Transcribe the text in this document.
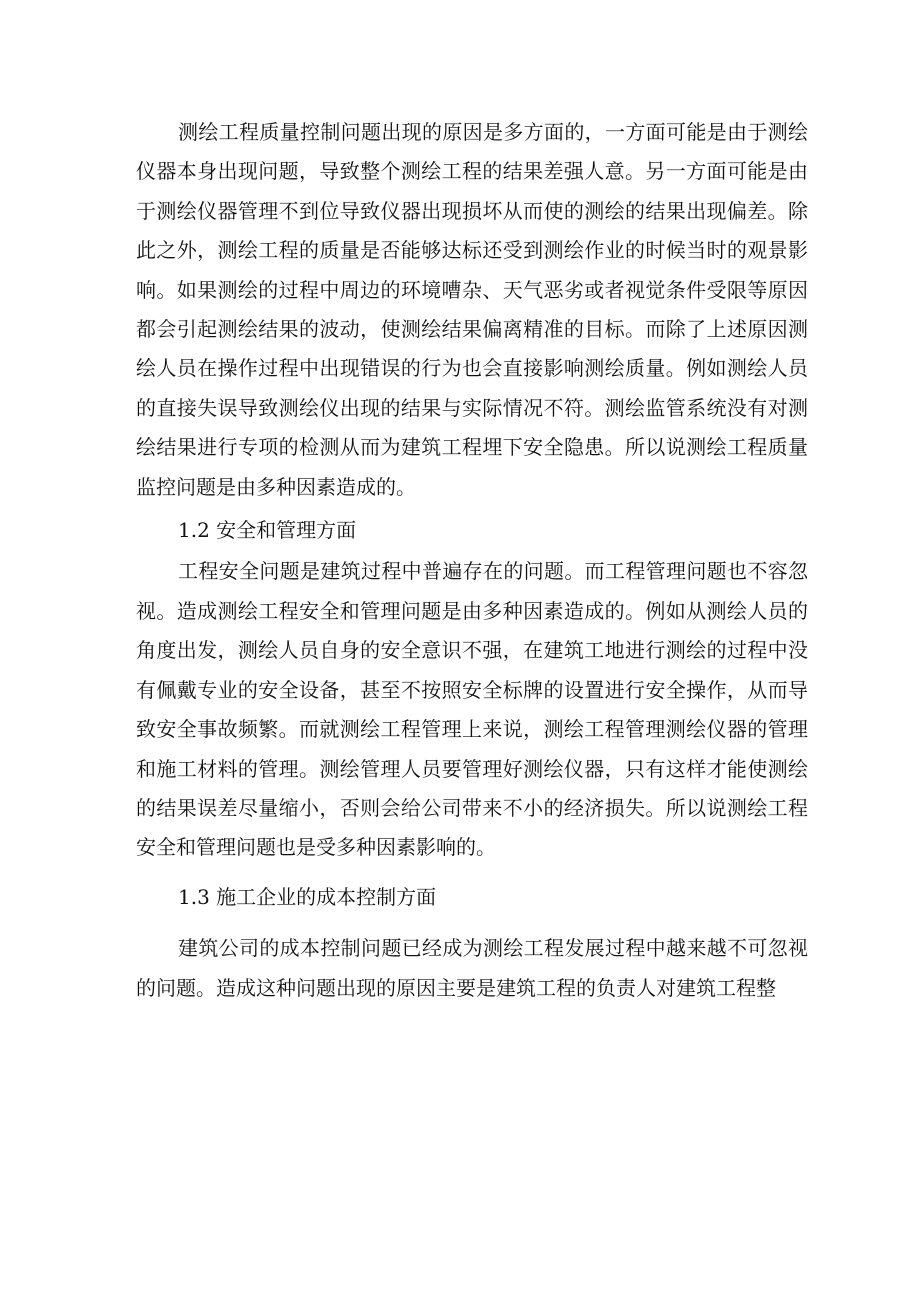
测绘工程质量控制问题出现的原因是多方面的，一方面可能是由于测绘仪器本身出现问题，导致整个测绘工程的结果差强人意。另一方面可能是由于测绘仪器管理不到位导致仪器出现损坏从而使的测绘的结果出现偏差。除此之外，测绘工程的质量是否能够达标还受到测绘作业的时候当时的观景影响。如果测绘的过程中周边的环境嘈杂、天气恶劣或者视觉条件受限等原因都会引起测绘结果的波动，使测绘结果偏离精准的目标。而除了上述原因测绘人员在操作过程中出现错误的行为也会直接影响测绘质量。例如测绘人员的直接失误导致测绘仪出现的结果与实际情况不符。测绘监管系统没有对测绘结果进行专项的检测从而为建筑工程埋下安全隐患。所以说测绘工程质量监控问题是由多种因素造成的。

1.2 安全和管理方面

工程安全问题是建筑过程中普遍存在的问题。而工程管理问题也不容忽视。造成测绘工程安全和管理问题是由多种因素造成的。例如从测绘人员的角度出发，测绘人员自身的安全意识不强，在建筑工地进行测绘的过程中没有佩戴专业的安全设备，甚至不按照安全标牌的设置进行安全操作，从而导致安全事故频繁。而就测绘工程管理上来说，测绘工程管理测绘仪器的管理和施工材料的管理。测绘管理人员要管理好测绘仪器，只有这样才能使测绘的结果误差尽量缩小，否则会给公司带来不小的经济损失。所以说测绘工程安全和管理问题也是受多种因素影响的。

1.3 施工企业的成本控制方面

建筑公司的成本控制问题已经成为测绘工程发展过程中越来越不可忽视的问题。造成这种问题出现的原因主要是建筑工程的负责人对建筑工程整
